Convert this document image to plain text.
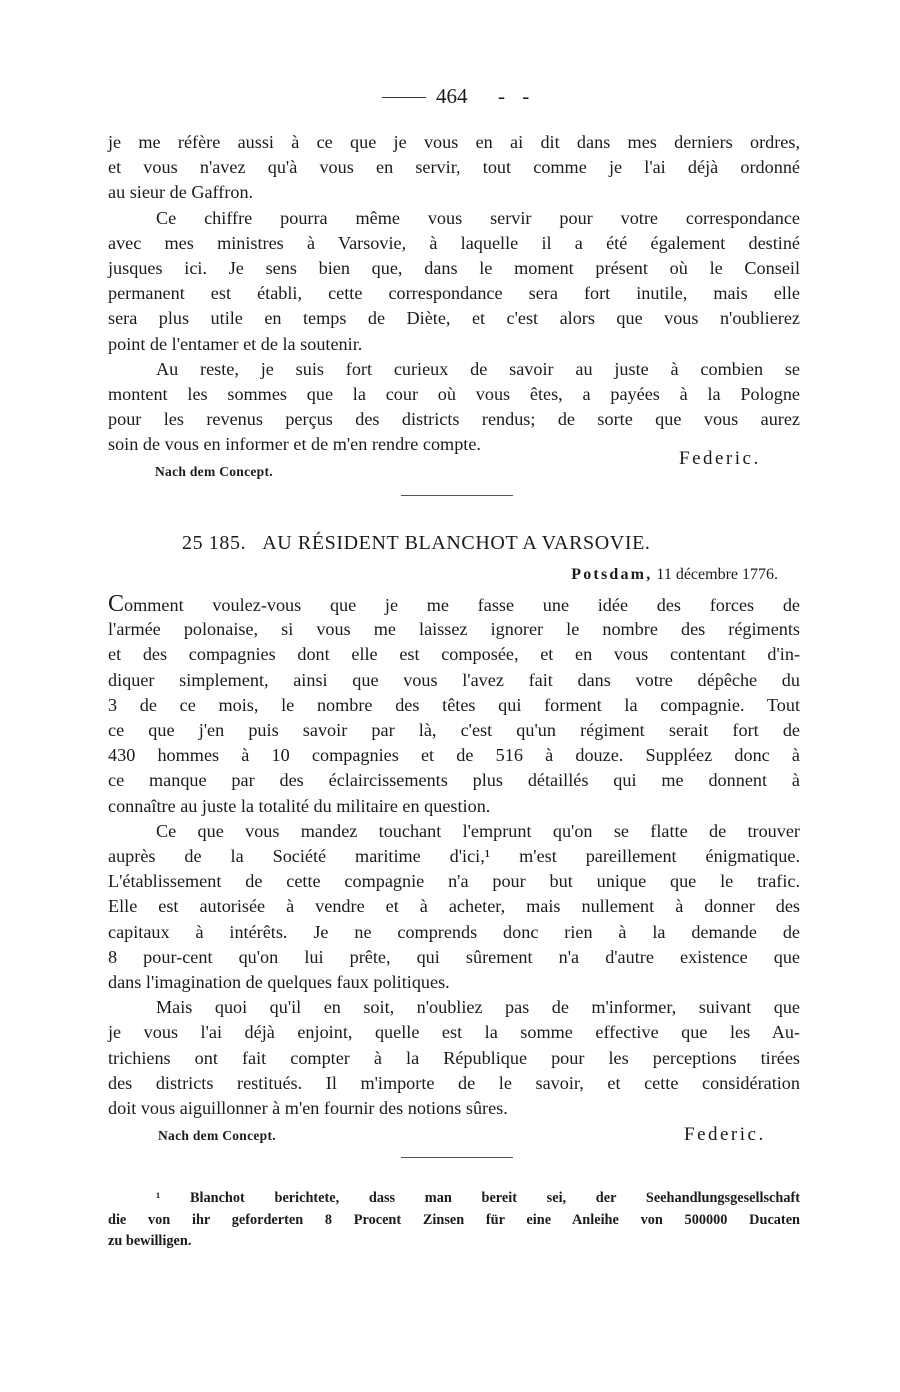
464 - -
je me réfère aussi à ce que je vous en ai dit dans mes derniers ordres,
et vous n'avez qu'à vous en servir, tout comme je l'ai déjà ordonné
au sieur de Gaffron.
Ce chiffre pourra même vous servir pour votre correspondance
avec mes ministres à Varsovie, à laquelle il a été également destiné
jusques ici. Je sens bien que, dans le moment présent où le Conseil
permanent est établi, cette correspondance sera fort inutile, mais elle
sera plus utile en temps de Diète, et c'est alors que vous n'oublierez
point de l'entamer et de la soutenir.
Au reste, je suis fort curieux de savoir au juste à combien se
montent les sommes que la cour où vous êtes, a payées à la Pologne
pour les revenus perçus des districts rendus; de sorte que vous aurez
soin de vous en informer et de m'en rendre compte.
Nach dem Concept.
Federic.
25 185. AU RÉSIDENT BLANCHOT A VARSOVIE.
Potsdam, 11 décembre 1776.
Comment voulez-vous que je me fasse une idée des forces de
l'armée polonaise, si vous me laissez ignorer le nombre des régiments
et des compagnies dont elle est composée, et en vous contentant d'in-
diquer simplement, ainsi que vous l'avez fait dans votre dépêche du
3 de ce mois, le nombre des têtes qui forment la compagnie. Tout
ce que j'en puis savoir par là, c'est qu'un régiment serait fort de
430 hommes à 10 compagnies et de 516 à douze. Suppléez donc à
ce manque par des éclaircissements plus détaillés qui me donnent à
connaître au juste la totalité du militaire en question.
Ce que vous mandez touchant l'emprunt qu'on se flatte de trouver
auprès de la Société maritime d'ici,¹ m'est pareillement énigmatique.
L'établissement de cette compagnie n'a pour but unique que le trafic.
Elle est autorisée à vendre et à acheter, mais nullement à donner des
capitaux à intérêts. Je ne comprends donc rien à la demande de
8 pour-cent qu'on lui prête, qui sûrement n'a d'autre existence que
dans l'imagination de quelques faux politiques.
Mais quoi qu'il en soit, n'oubliez pas de m'informer, suivant que
je vous l'ai déjà enjoint, quelle est la somme effective que les Au-
trichiens ont fait compter à la République pour les perceptions tirées
des districts restitués. Il m'importe de le savoir, et cette considération
doit vous aiguillonner à m'en fournir des notions sûres.
Nach dem Concept.	Federic.
¹ Blanchot berichtete, dass man bereit sei, der Seehandlungsgesellschaft
die von ihr geforderten 8 Procent Zinsen für eine Anleihe von 500000 Ducaten
zu bewilligen.
